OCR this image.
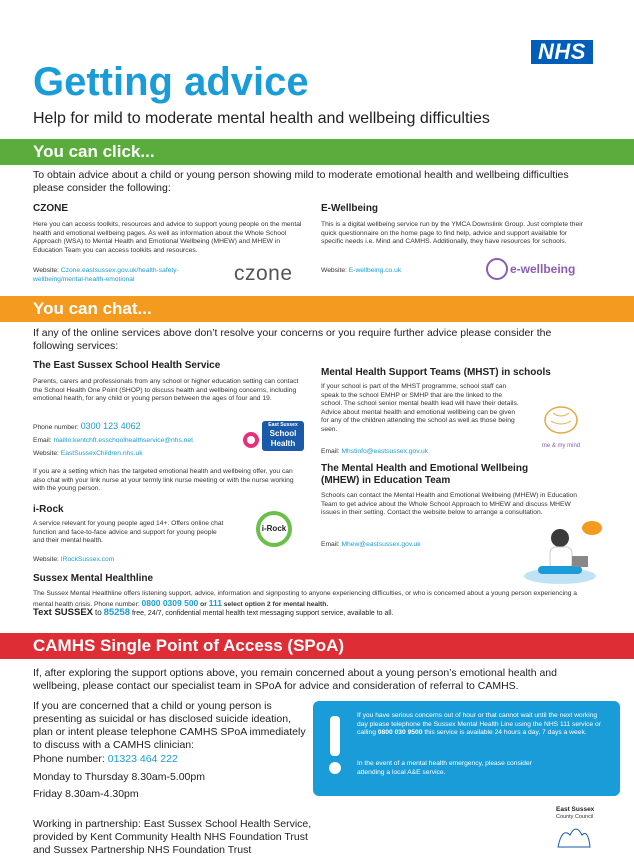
NHS
Getting advice
Help for mild to moderate mental health and wellbeing difficulties
You can click...
To obtain advice about a child or young person showing mild to moderate emotional health and wellbeing difficulties please consider the following:
CZONE
Here you can access toolkits, resources and advice to support young people on the mental health and emotional wellbeing pages. As well as information about the Whole School Approach (WSA) to Mental Health and Emotional Wellbeing (MHEW) and MHEW in Education Team you can access toolkits and resources.
Website: Czone.eastsussex.gov.uk/health-safety-wellbeing/mental-health-emotional	czone
E-Wellbeing
This is a digital wellbeing service run by the YMCA Downslink Group. Just complete their quick questionnaire on the home page to find help, advice and support available for specific needs i.e. Mind and CAMHS. Additionally, they have resources for schools.
Website: E-wellbeing.co.uk	e-wellbeing
You can chat...
If any of the online services above don’t resolve your concerns or you require further advice please consider the following services:
The East Sussex School Health Service
Parents, carers and professionals from any school or higher education setting can contact the School Health One Point (SHOP) to discuss health and wellbeing concerns, including emotional health, for any child or young person between the ages of four and 19.
Phone number: 0300 123 4062
Email: mailto:kentchft.esschoolhealthservice@nhs.net
Website: EastSussexChildren.nhs.uk
If you are a setting which has the targeted emotional health and wellbeing offer, you can also chat with your link nurse at your termly link nurse meeting or with the nurse working with the young person.
East Sussex
School
Health
i-Rock
A service relevant for young people aged 14+. Offers online chat function and face-to-face advice and support for young people and their mental health.
Website: IRockSussex.com
i-Rock
Mental Health Support Teams (MHST) in schools
If your school is part of the MHST programme, school staff can speak to the school EMHP or SMHP that are the linked to the school. The school senior mental health lead will have their details. Advice about mental health and emotional wellbeing can be given for any of the children attending the school as well as those being seen.
Email: Mhstinfo@eastsussex.gov.uk
me & my mind
The Mental Health and Emotional Wellbeing (MHEW) in Education Team
Schools can contact the Mental Health and Emotional Wellbeing (MHEW) in Education Team to get advice about the Whole School Approach to MHEW and discuss MHEW issues in their setting. Contact the website below to arrange a consultation.
Email: Mhew@eastsussex.gov.uk
Sussex Mental Healthline
The Sussex Mental Healthline offers listening support, advice, information and signposting to anyone experiencing difficulties, or who is concerned about a young person experiencing a mental health crisis. Phone number: 0800 0309 500 or 111 select option 2 for mental health.
Text SUSSEX to 85258 free, 24/7, confidential mental health text messaging support service, available to all.
CAMHS Single Point of Access (SPoA)
If, after exploring the support options above, you remain concerned about a young person’s emotional health and wellbeing, please contact our specialist team in SPoA for advice and consideration of referral to CAMHS.
If you are concerned that a child or young person is presenting as suicidal or has disclosed suicide ideation, plan or intent please telephone CAMHS SPoA immediately to discuss with a CAMHS clinician:
Phone number: 01323 464 222
Monday to Thursday 8.30am-5.00pm
Friday 8.30am-4.30pm
Working in partnership: East Sussex School Health Service, provided by Kent Community Health NHS Foundation Trust and Sussex Partnership NHS Foundation Trust
If you have serious concerns out of hour or that cannot wait until the next working day please telephone the Sussex Mental Health Line using the NHS 111 service or calling 0800 030 9500 this service is available 24 hours a day, 7 days a week.
In the event of a mental health emergency, please consider attending a local A&E service.
East Sussex
County Council
